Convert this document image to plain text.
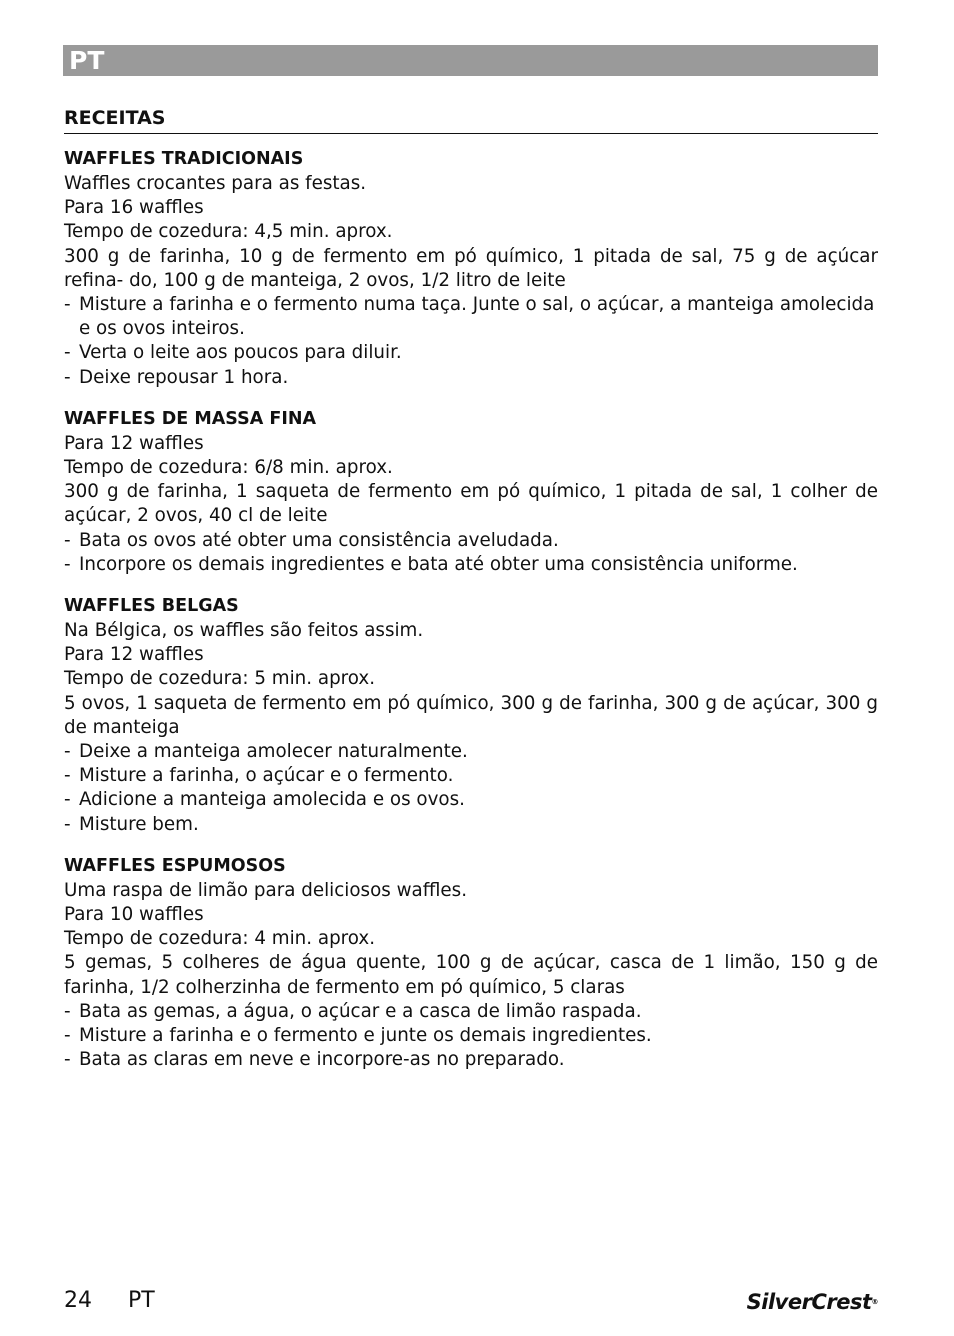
PT
RECEITAS
WAFFLES TRADICIONAIS
Waffles crocantes para as festas.
Para 16 waffles
Tempo de cozedura: 4,5 min. aprox.
300 g de farinha, 10 g de fermento em pó químico, 1 pitada de sal, 75 g de açúcar refina- do, 100 g de manteiga, 2 ovos, 1/2 litro de leite
- Misture a farinha e o fermento numa taça. Junte o sal, o açúcar, a manteiga amolecida e os ovos inteiros.
- Verta o leite aos poucos para diluir.
- Deixe repousar 1 hora.
WAFFLES DE MASSA FINA
Para 12 waffles
Tempo de cozedura: 6/8 min. aprox.
300 g de farinha, 1 saqueta de fermento em pó químico, 1 pitada de sal, 1 colher de açúcar, 2 ovos, 40 cl de leite
- Bata os ovos até obter uma consistência aveludada.
- Incorpore os demais ingredientes e bata até obter uma consistência uniforme.
WAFFLES BELGAS
Na Bélgica, os waffles são feitos assim.
Para 12 waffles
Tempo de cozedura: 5 min. aprox.
5 ovos, 1 saqueta de fermento em pó químico, 300 g de farinha, 300 g de açúcar, 300 g de manteiga
- Deixe a manteiga amolecer naturalmente.
- Misture a farinha, o açúcar e o fermento.
- Adicione a manteiga amolecida e os ovos.
- Misture bem.
WAFFLES ESPUMOSOS
Uma raspa de limão para deliciosos waffles.
Para 10 waffles
Tempo de cozedura: 4 min. aprox.
5 gemas, 5 colheres de água quente, 100 g de açúcar, casca de 1 limão, 150 g de farinha, 1/2 colherzinha de fermento em pó químico, 5 claras
- Bata as gemas, a água, o açúcar e a casca de limão raspada.
- Misture a farinha e o fermento e junte os demais ingredientes.
- Bata as claras em neve e incorpore-as no preparado.
24 PT	SilverCrest®
